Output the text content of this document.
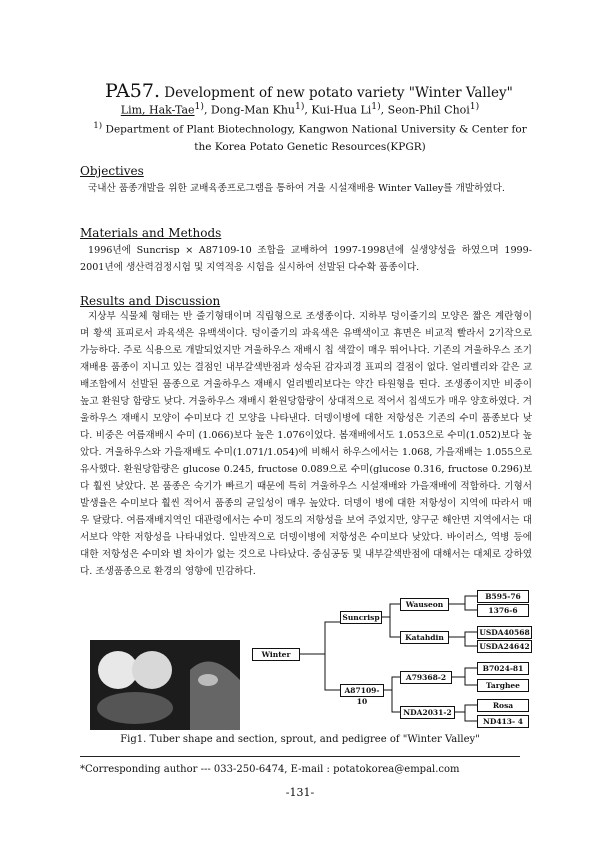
PA57. Development of new potato variety "Winter Valley"
Lim, Hak-Tae$^{1)}$, Dong-Man Khu$^{1)}$, Kui-Hua Li$^{1)}$, Seon-Phil Choi$^{1)}$
$^{1)}$ Department of Plant Biotechnology, Kangwon National University & Center for the Korea Potato Genetic Resources(KPGR)
Objectives
국내산 품종개발을 위한 교배육종프로그램을 통하여 겨울 시설재배용 Winter Valley를 개발하였다.
Materials and Methods
1996년에 Suncrisp × A87109-10 조합을 교배하여 1997-1998년에 실생양성을 하였으며 1999-2001년에 생산력검정시험 및 지역적응 시험을 실시하여 선발된 다수확 품종이다.
Results and Discussion
지상부 식물체 형태는 반 줄기형태이며 직립형으로 조생종이다. 지하부 덩이줄기의 모양은 짧은 계란형이며 황색 표피로서 과육색은 유백색이다. 덩이줄기의 과육색은 유백색이고 휴면은 비교적 빨라서 2기작으로 가능하다. 주로 식용으로 개발되었지만 겨울하우스 재배시 칩 색깔이 매우 뛰어나다. 기존의 겨울하우스 조기재배용 품종이 지니고 있는 결점인 내부갈색반점과 성숙된 감자괴경 표피의 결점이 없다. 얼리벨리와 같은 교배조합에서 선발된 품종으로 겨울하우스 재배시 얼리벨리보다는 약간 타원형을 띤다. 조생종이지만 비중이 높고 환원당 함량도 낮다. 겨울하우스 재배시 환원당함량이 상대적으로 적어서 칩색도가 매우 양호하였다. 겨울하우스 재배시 모양이 수미보다 긴 모양을 나타낸다. 더뎅이병에 대한 저항성은 기존의 수미 품종보다 낮다. 비중은 여름재배시 수미 (1.066)보다 높은 1.076이었다. 봄재배에서도 1.053으로 수미(1.052)보다 높았다. 겨울하우스와 가을재배도 수미(1.071/1.054)에 비해서 하우스에서는 1.068, 가을재배는 1.055으로 유사했다. 환원당함량은 glucose 0.245, fructose 0.089으로 수미(glucose 0.316, fructose 0.296)보다 훨씬 낮았다. 본 품종은 숙기가 빠르기 때문에 특히 겨울하우스 시설재배와 가을재배에 적합하다. 기형서 발생율은 수미보다 훨씬 적어서 품종의 균일성이 매우 높았다. 더뎅이 병에 대한 저항성이 지역에 따라서 매우 달랐다. 여름재배지역인 대관령에서는 수미 정도의 저항성을 보여 주었지만, 양구군 해안면 지역에서는 대서보다 약한 저항성을 나타내었다. 일반적으로 더뎅이병에 저항성은 수미보다 낮았다. 바이러스, 역병 등에 대한 저항성은 수미와 별 차이가 없는 것으로 나타났다. 중심공동 및 내부갈색반점에 대해서는 대체로 강하였다. 조생품종으로 환경의 영향에 민감하다.
Winter
Suncrisp
A87109-10
Wauseon
Katahdin
A79368-2
NDA2031-2
B595-76
1376-6
USDA40568
USDA24642
B7024-81
Targhee
Rosa
ND413- 4
Fig1. Tuber shape and section, sprout, and pedigree of "Winter Valley"
*Corresponding author --- 033-250-6474, E-mail : potatokorea@empal.com
-131-
